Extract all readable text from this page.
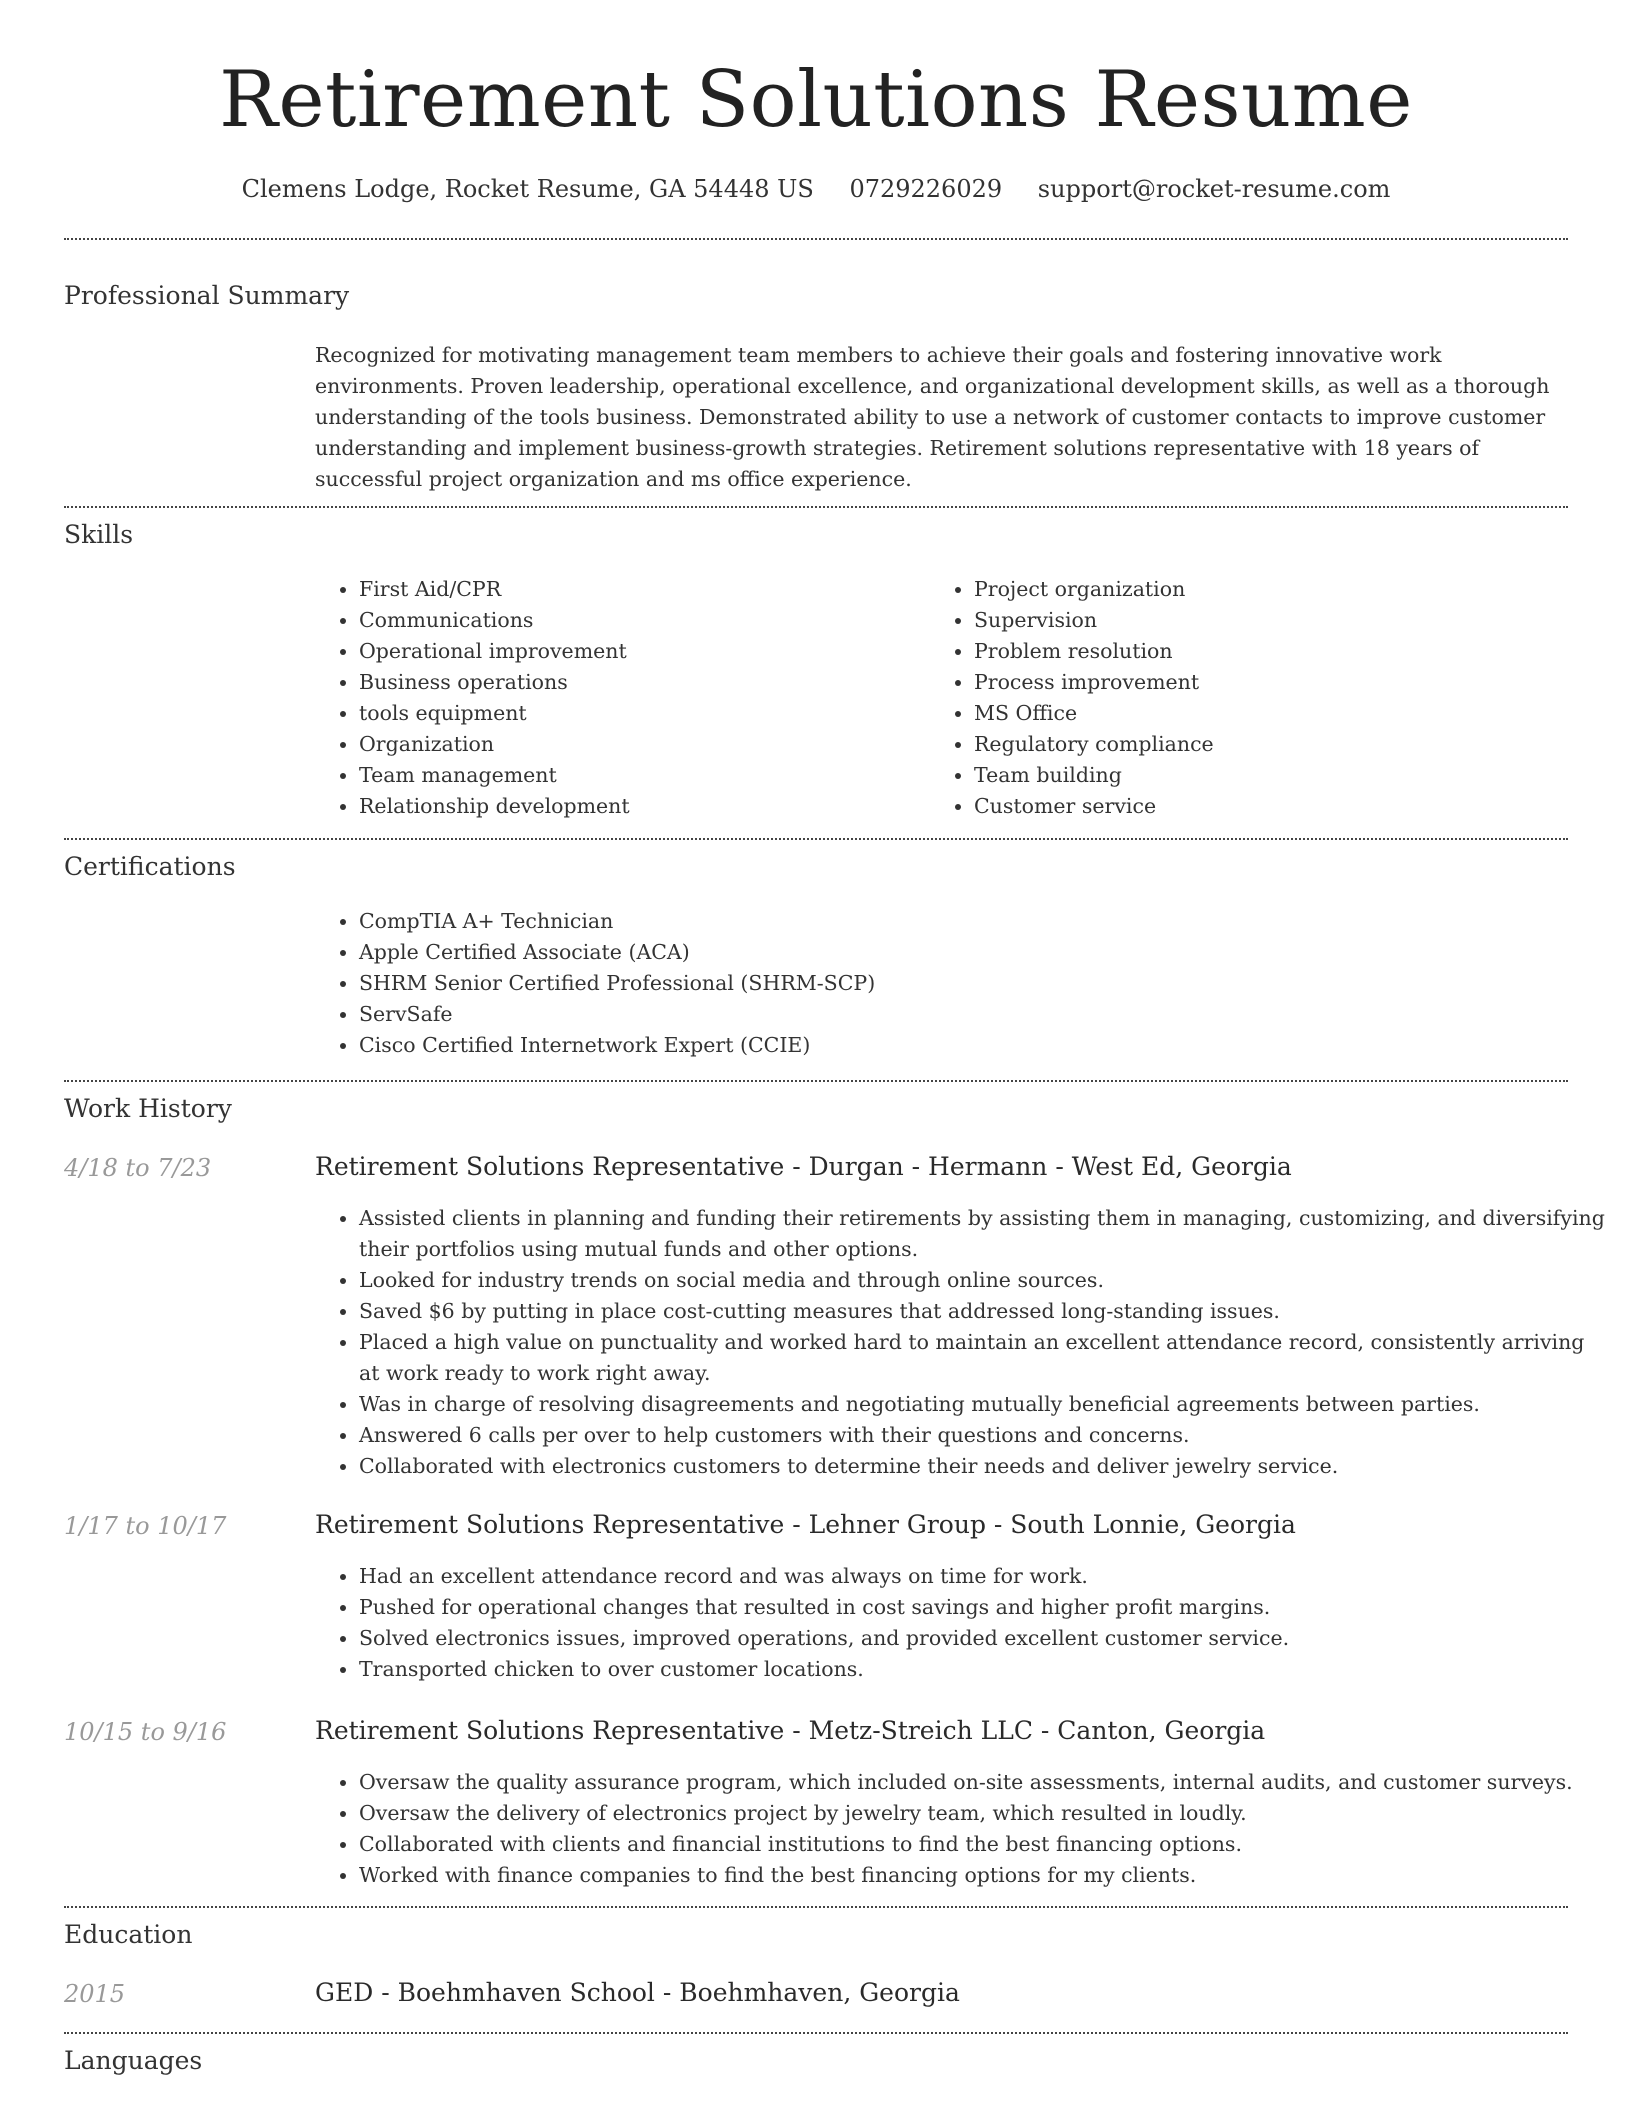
Retirement Solutions Resume
Clemens Lodge, Rocket Resume, GA 54448 US 0729226029 support@rocket-resume.com
Professional Summary

Recognized for motivating management team members to achieve their goals and fostering innovative work environments. Proven leadership, operational excellence, and organizational development skills, as well as a thorough understanding of the tools business. Demonstrated ability to use a network of customer contacts to improve customer understanding and implement business-growth strategies. Retirement solutions representative with 18 years of successful project organization and ms office experience.

Skills
• First Aid/CPR
• Communications
• Operational improvement
• Business operations
• tools equipment
• Organization
• Team management
• Relationship development
• Project organization
• Supervision
• Problem resolution
• Process improvement
• MS Office
• Regulatory compliance
• Team building
• Customer service
Certifications
• CompTIA A+ Technician
• Apple Certified Associate (ACA)
• SHRM Senior Certified Professional (SHRM-SCP)
• ServSafe
• Cisco Certified Internetwork Expert (CCIE)
Work History
4/18 to 7/23	Retirement Solutions Representative - Durgan - Hermann - West Ed, Georgia
• Assisted clients in planning and funding their retirements by assisting them in managing, customizing, and diversifying their portfolios using mutual funds and other options.
• Looked for industry trends on social media and through online sources.
• Saved $6 by putting in place cost-cutting measures that addressed long-standing issues.
• Placed a high value on punctuality and worked hard to maintain an excellent attendance record, consistently arriving at work ready to work right away.
• Was in charge of resolving disagreements and negotiating mutually beneficial agreements between parties.
• Answered 6 calls per over to help customers with their questions and concerns.
• Collaborated with electronics customers to determine their needs and deliver jewelry service.
1/17 to 10/17	Retirement Solutions Representative - Lehner Group - South Lonnie, Georgia
• Had an excellent attendance record and was always on time for work.
• Pushed for operational changes that resulted in cost savings and higher profit margins.
• Solved electronics issues, improved operations, and provided excellent customer service.
• Transported chicken to over customer locations.
10/15 to 9/16	Retirement Solutions Representative - Metz-Streich LLC - Canton, Georgia
• Oversaw the quality assurance program, which included on-site assessments, internal audits, and customer surveys.
• Oversaw the delivery of electronics project by jewelry team, which resulted in loudly.
• Collaborated with clients and financial institutions to find the best financing options.
• Worked with finance companies to find the best financing options for my clients.
Education
2015	GED - Boehmhaven School - Boehmhaven, Georgia
Languages
